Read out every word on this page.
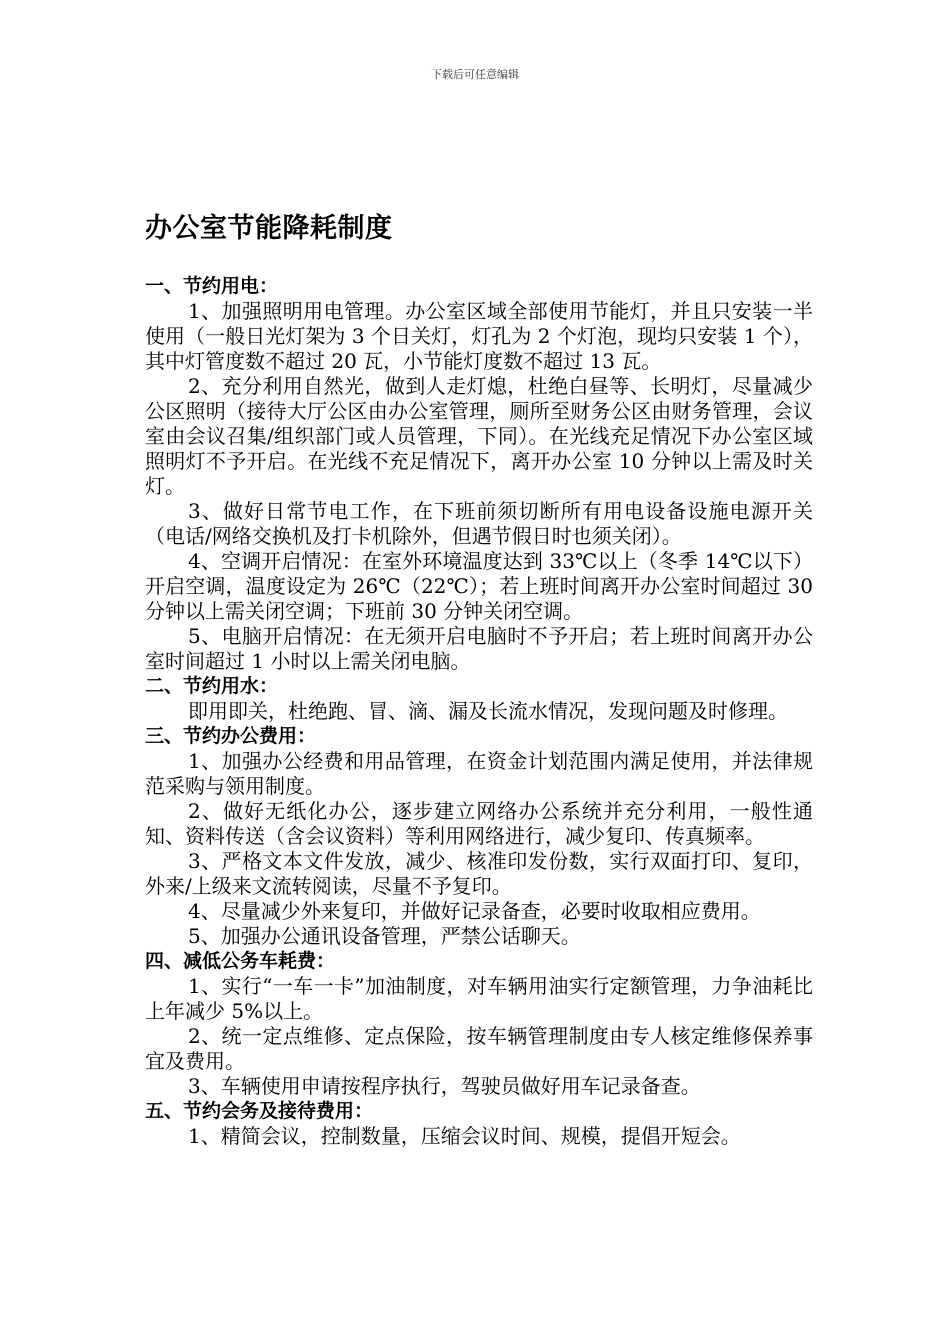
下载后可任意编辑
办公室节能降耗制度
一、节约用电：

1、加强照明用电管理。办公室区域全部使用节能灯，并且只安装一半使用（一般日光灯架为 3 个日关灯，灯孔为 2 个灯泡，现均只安装 1 个），其中灯管度数不超过 20 瓦，小节能灯度数不超过 13 瓦。

2、充分利用自然光，做到人走灯熄，杜绝白昼等、长明灯，尽量减少公区照明（接待大厅公区由办公室管理，厕所至财务公区由财务管理，会议室由会议召集/组织部门或人员管理，下同）。在光线充足情况下办公室区域照明灯不予开启。在光线不充足情况下，离开办公室 10 分钟以上需及时关灯。

3、做好日常节电工作，在下班前须切断所有用电设备设施电源开关（电话/网络交换机及打卡机除外，但遇节假日时也须关闭）。

4、空调开启情况：在室外环境温度达到 33℃以上（冬季 14℃以下）开启空调，温度设定为 26℃（22℃）；若上班时间离开办公室时间超过 30 分钟以上需关闭空调；下班前 30 分钟关闭空调。

5、电脑开启情况：在无须开启电脑时不予开启；若上班时间离开办公室时间超过 1 小时以上需关闭电脑。

二、节约用水：

即用即关，杜绝跑、冒、滴、漏及长流水情况，发现问题及时修理。

三、节约办公费用：

1、加强办公经费和用品管理，在资金计划范围内满足使用，并法律规范采购与领用制度。

2、做好无纸化办公，逐步建立网络办公系统并充分利用，一般性通知、资料传送（含会议资料）等利用网络进行，减少复印、传真频率。

3、严格文本文件发放，减少、核准印发份数，实行双面打印、复印，外来/上级来文流转阅读，尽量不予复印。

4、尽量减少外来复印，并做好记录备查，必要时收取相应费用。

5、加强办公通讯设备管理，严禁公话聊天。

四、减低公务车耗费：

1、实行“一车一卡”加油制度，对车辆用油实行定额管理，力争油耗比上年减少 5%以上。

2、统一定点维修、定点保险，按车辆管理制度由专人核定维修保养事宜及费用。

3、车辆使用申请按程序执行，驾驶员做好用车记录备查。

五、节约会务及接待费用：

1、精简会议，控制数量，压缩会议时间、规模，提倡开短会。
